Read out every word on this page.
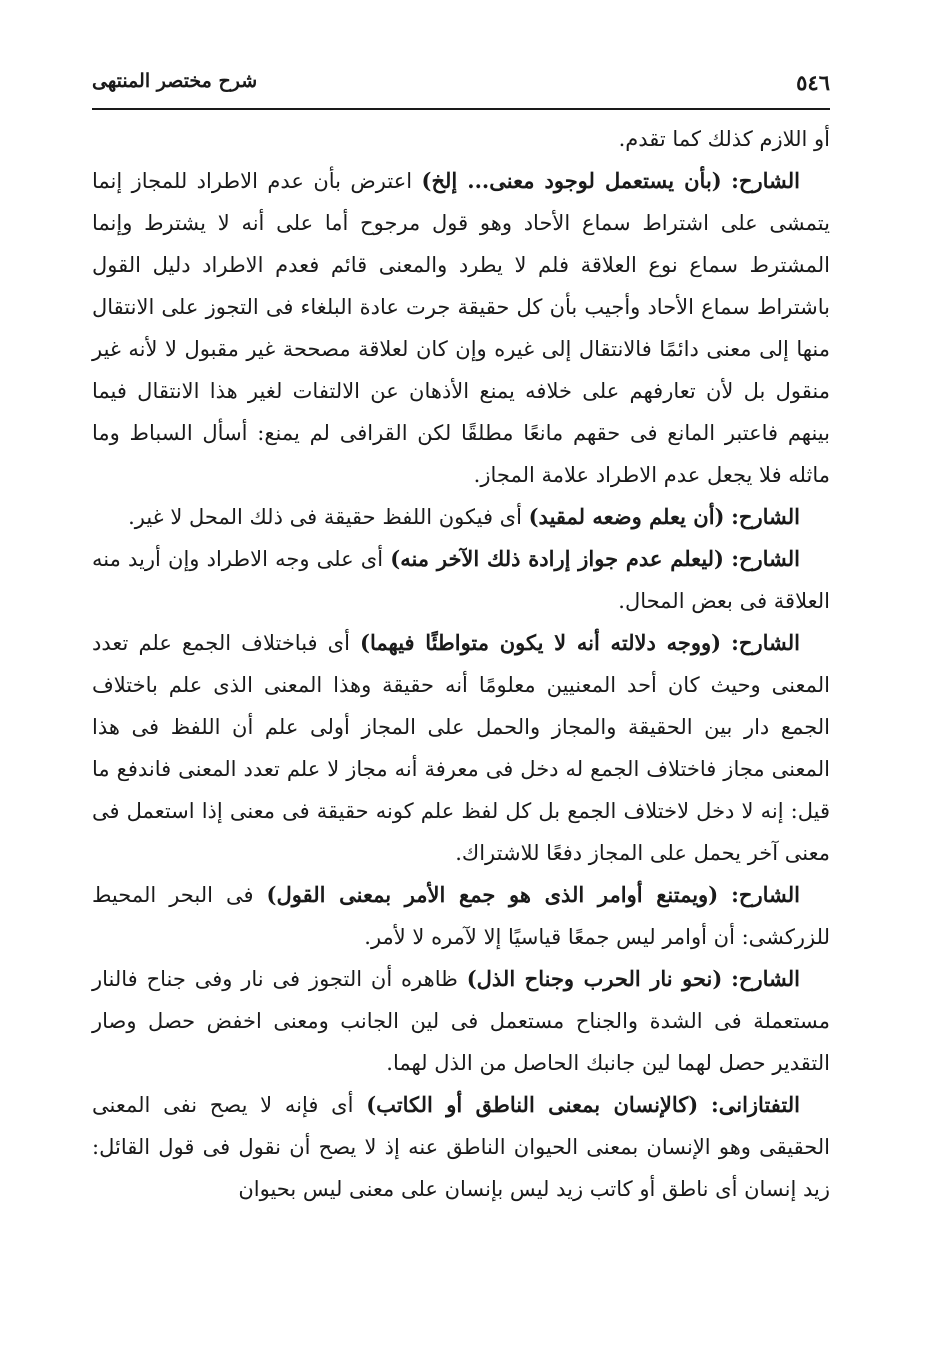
٥٤٦
شرح مختصر المنتهى

أو اللازم كذلك كما تقدم.

الشارح: (بأن يستعمل لوجود معنى... إلخ) اعترض بأن عدم الاطراد للمجاز إنما يتمشى على اشتراط سماع الأحاد وهو قول مرجوح أما على أنه لا يشترط وإنما المشترط سماع نوع العلاقة فلم لا يطرد والمعنى قائم فعدم الاطراد دليل القول باشتراط سماع الأحاد وأجيب بأن كل حقيقة جرت عادة البلغاء فى التجوز على الانتقال منها إلى معنى دائمًا فالانتقال إلى غيره وإن كان لعلاقة مصححة غير مقبول لا لأنه غير منقول بل لأن تعارفهم على خلافه يمنع الأذهان عن الالتفات لغير هذا الانتقال فيما بينهم فاعتبر المانع فى حقهم مانعًا مطلقًا لكن القرافى لم يمنع: أسأل السباط وما ماثله فلا يجعل عدم الاطراد علامة المجاز.

الشارح: (أن يعلم وضعه لمقيد) أى فيكون اللفظ حقيقة فى ذلك المحل لا غير.

الشارح: (ليعلم عدم جواز إرادة ذلك الآخر منه) أى على وجه الاطراد وإن أريد منه العلاقة فى بعض المحال.

الشارح: (ووجه دلالته أنه لا يكون متواطئًا فيهما) أى فباختلاف الجمع علم تعدد المعنى وحيث كان أحد المعنيين معلومًا أنه حقيقة وهذا المعنى الذى علم باختلاف الجمع دار بين الحقيقة والمجاز والحمل على المجاز أولى علم أن اللفظ فى هذا المعنى مجاز فاختلاف الجمع له دخل فى معرفة أنه مجاز لا علم تعدد المعنى فاندفع ما قيل: إنه لا دخل لاختلاف الجمع بل كل لفظ علم كونه حقيقة فى معنى إذا استعمل فى معنى آخر يحمل على المجاز دفعًا للاشتراك.

الشارح: (ويمتنع أوامر الذى هو جمع الأمر بمعنى القول) فى البحر المحيط للزركشى: أن أوامر ليس جمعًا قياسيًا إلا لآمره لا لأمر.

الشارح: (نحو نار الحرب وجناح الذل) ظاهره أن التجوز فى نار وفى جناح فالنار مستعملة فى الشدة والجناح مستعمل فى لين الجانب ومعنى اخفض حصل وصار التقدير حصل لهما لين جانبك الحاصل من الذل لهما.

التفتازانى: (كالإنسان بمعنى الناطق أو الكاتب) أى فإنه لا يصح نفى المعنى الحقيقى وهو الإنسان بمعنى الحيوان الناطق عنه إذ لا يصح أن نقول فى قول القائل: زيد إنسان أى ناطق أو كاتب زيد ليس بإنسان على معنى ليس بحيوان
